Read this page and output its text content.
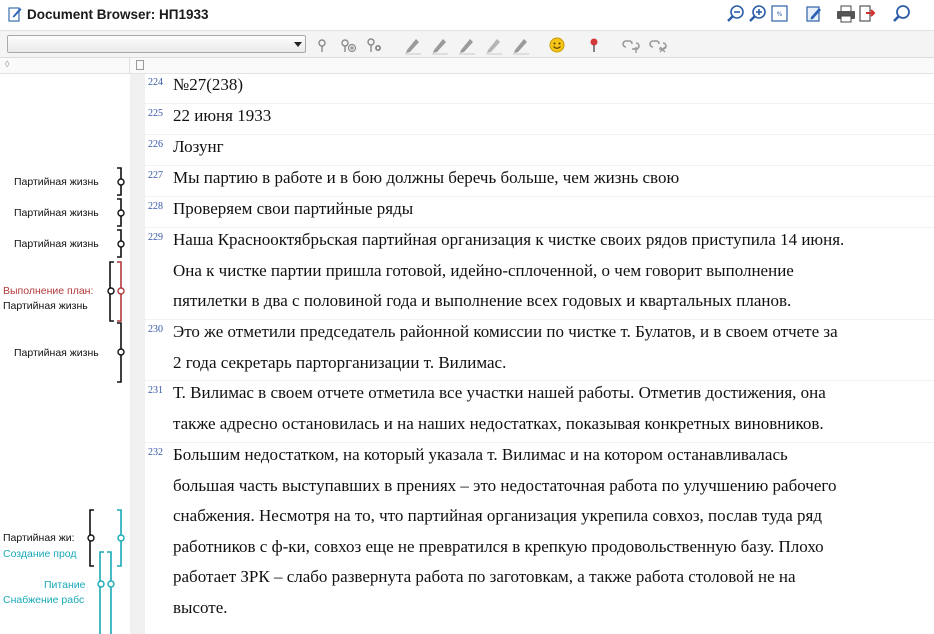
Document Browser: НП1933	%
◊
Партийная жизнь
Партийная жизнь
Партийная жизнь
Выполнение план:
Партийная жизнь
Партийная жизнь
Партийная жи:
Создание прод
Питание
Снабжение рабс
224 №27(238)
225 22 июня 1933
226 Лозунг
227 Мы партию в работе и в бою должны беречь больше, чем жизнь свою
228 Проверяем свои партийные ряды
229 Наша Краснооктябрьская партийная организация к чистке своих рядов приступила 14 июня.
Она к чистке партии пришла готовой, идейно-сплоченной, о чем говорит выполнение
пятилетки в два с половиной года и выполнение всех годовых и квартальных планов.
230 Это же отметили председатель районной комиссии по чистке т. Булатов, и в своем отчете за
2 года секретарь парторганизации т. Вилимас.
231 Т. Вилимас в своем отчете отметила все участки нашей работы. Отметив достижения, она
также адресно остановилась и на наших недостатках, показывая конкретных виновников.
232 Большим недостатком, на который указала т. Вилимас и на котором останавливалась
большая часть выступавших в прениях – это недостаточная работа по улучшению рабочего
снабжения. Несмотря на то, что партийная организация укрепила совхоз, послав туда ряд
работников с ф-ки, совхоз еще не превратился в крепкую продовольственную базу. Плохо
работает ЗРК – слабо развернута работа по заготовкам, а также работа столовой не на
высоте.
